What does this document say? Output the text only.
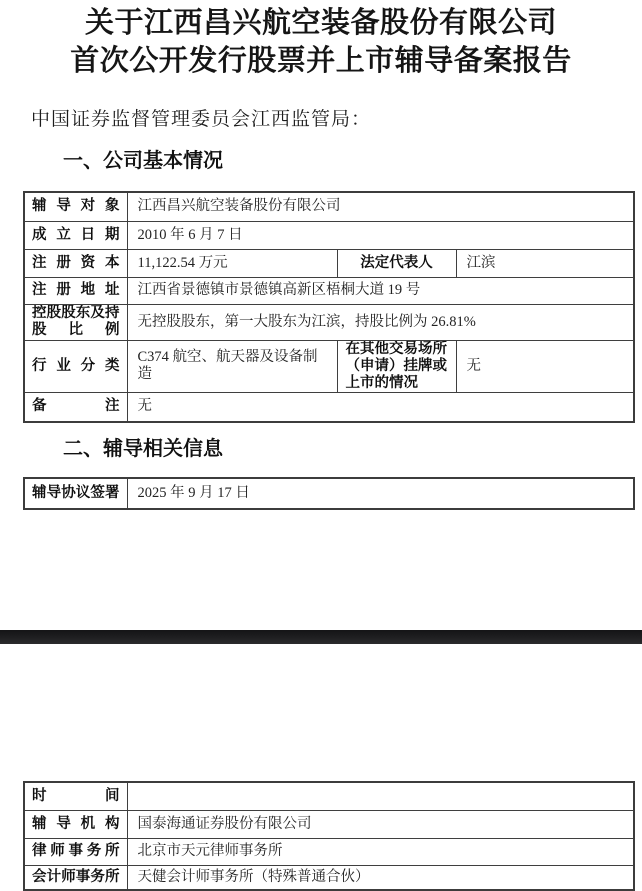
关于江西昌兴航空装备股份有限公司
首次公开发行股票并上市辅导备案报告
中国证券监督管理委员会江西监管局：
一、公司基本情况
辅导对象	江西昌兴航空装备股份有限公司		
成立日期	2010 年 6 月 7 日		
注册资本	11,122.54 万元	法定代表人	江滨
注册地址	江西省景德镇市景德镇高新区梧桐大道 19 号		
控股股东及持股比例	无控股股东，第一大股东为江滨，持股比例为 26.81%		
行业分类	C374 航空、航天器及设备制造	在其他交易场所（申请）挂牌或上市的情况	无
备注	无		
二、辅导相关信息
辅导协议签署	2025 年 9 月 17 日
时间	
辅导机构	国泰海通证券股份有限公司
律师事务所	北京市天元律师事务所
会计师事务所	天健会计师事务所（特殊普通合伙）
